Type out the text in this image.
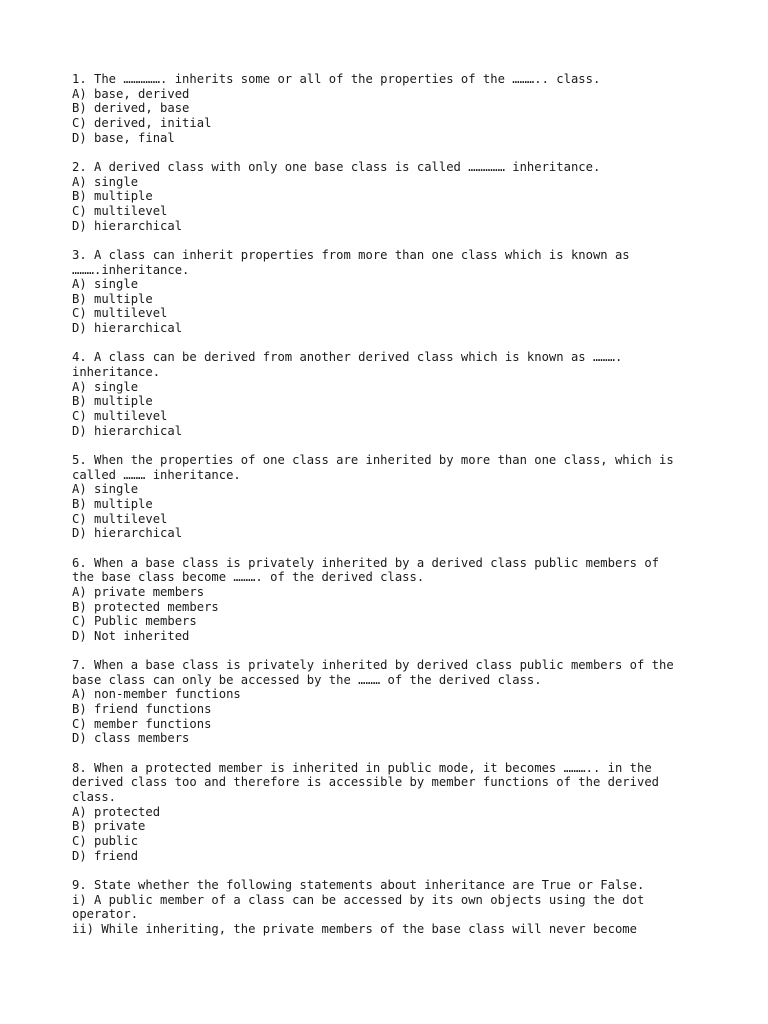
1. The ……………. inherits some or all of the properties of the ……….. class.
A) base, derived
B) derived, base
C) derived, initial
D) base, final
2. A derived class with only one base class is called …………… inheritance.
A) single
B) multiple
C) multilevel
D) hierarchical
3. A class can inherit properties from more than one class which is known as
……….inheritance.
A) single
B) multiple
C) multilevel
D) hierarchical
4. A class can be derived from another derived class which is known as ……….
inheritance.
A) single
B) multiple
C) multilevel
D) hierarchical
5. When the properties of one class are inherited by more than one class, which is
called ……… inheritance.
A) single
B) multiple
C) multilevel
D) hierarchical
6. When a base class is privately inherited by a derived class public members of
the base class become ………. of the derived class.
A) private members
B) protected members
C) Public members
D) Not inherited
7. When a base class is privately inherited by derived class public members of the
base class can only be accessed by the ……… of the derived class.
A) non-member functions
B) friend functions
C) member functions
D) class members
8. When a protected member is inherited in public mode, it becomes ……….. in the
derived class too and therefore is accessible by member functions of the derived
class.
A) protected
B) private
C) public
D) friend
9. State whether the following statements about inheritance are True or False.
i) A public member of a class can be accessed by its own objects using the dot
operator.
ii) While inheriting, the private members of the base class will never become
